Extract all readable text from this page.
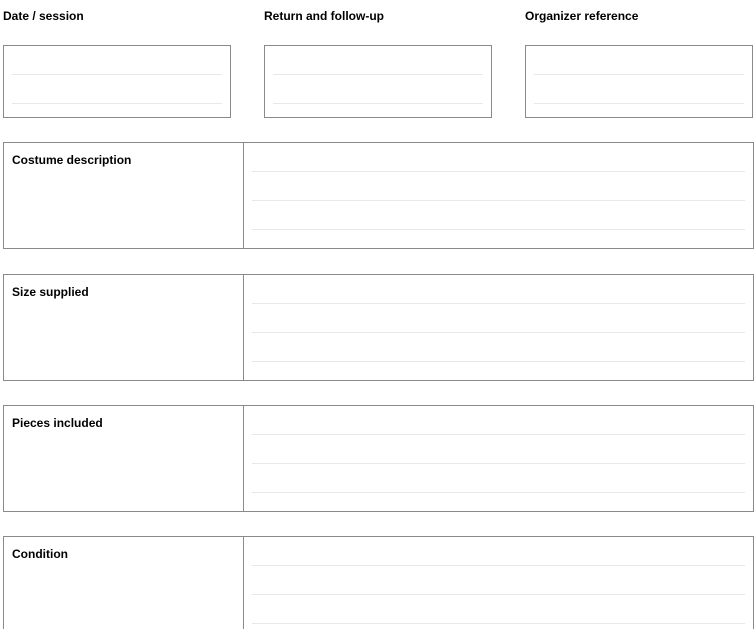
Date / session	Return and follow-up	Organizer reference
Costume description
Size supplied
Pieces included
Condition
